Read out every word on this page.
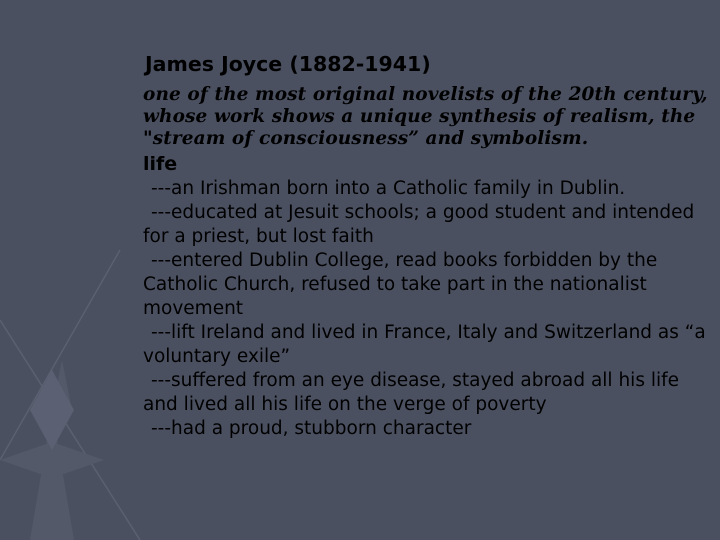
James Joyce (1882-1941)

one of the most original novelists of the 20th century, whose work shows a unique synthesis of realism, the "stream of consciousness” and symbolism.

life

---an Irishman born into a Catholic family in Dublin.

---educated at Jesuit schools; a good student and intended for a priest, but lost faith

---entered Dublin College, read books forbidden by the Catholic Church, refused to take part in the nationalist movement

---lift Ireland and lived in France, Italy and Switzerland as “a voluntary exile”

---suffered from an eye disease, stayed abroad all his life and lived all his life on the verge of poverty

---had a proud, stubborn character
